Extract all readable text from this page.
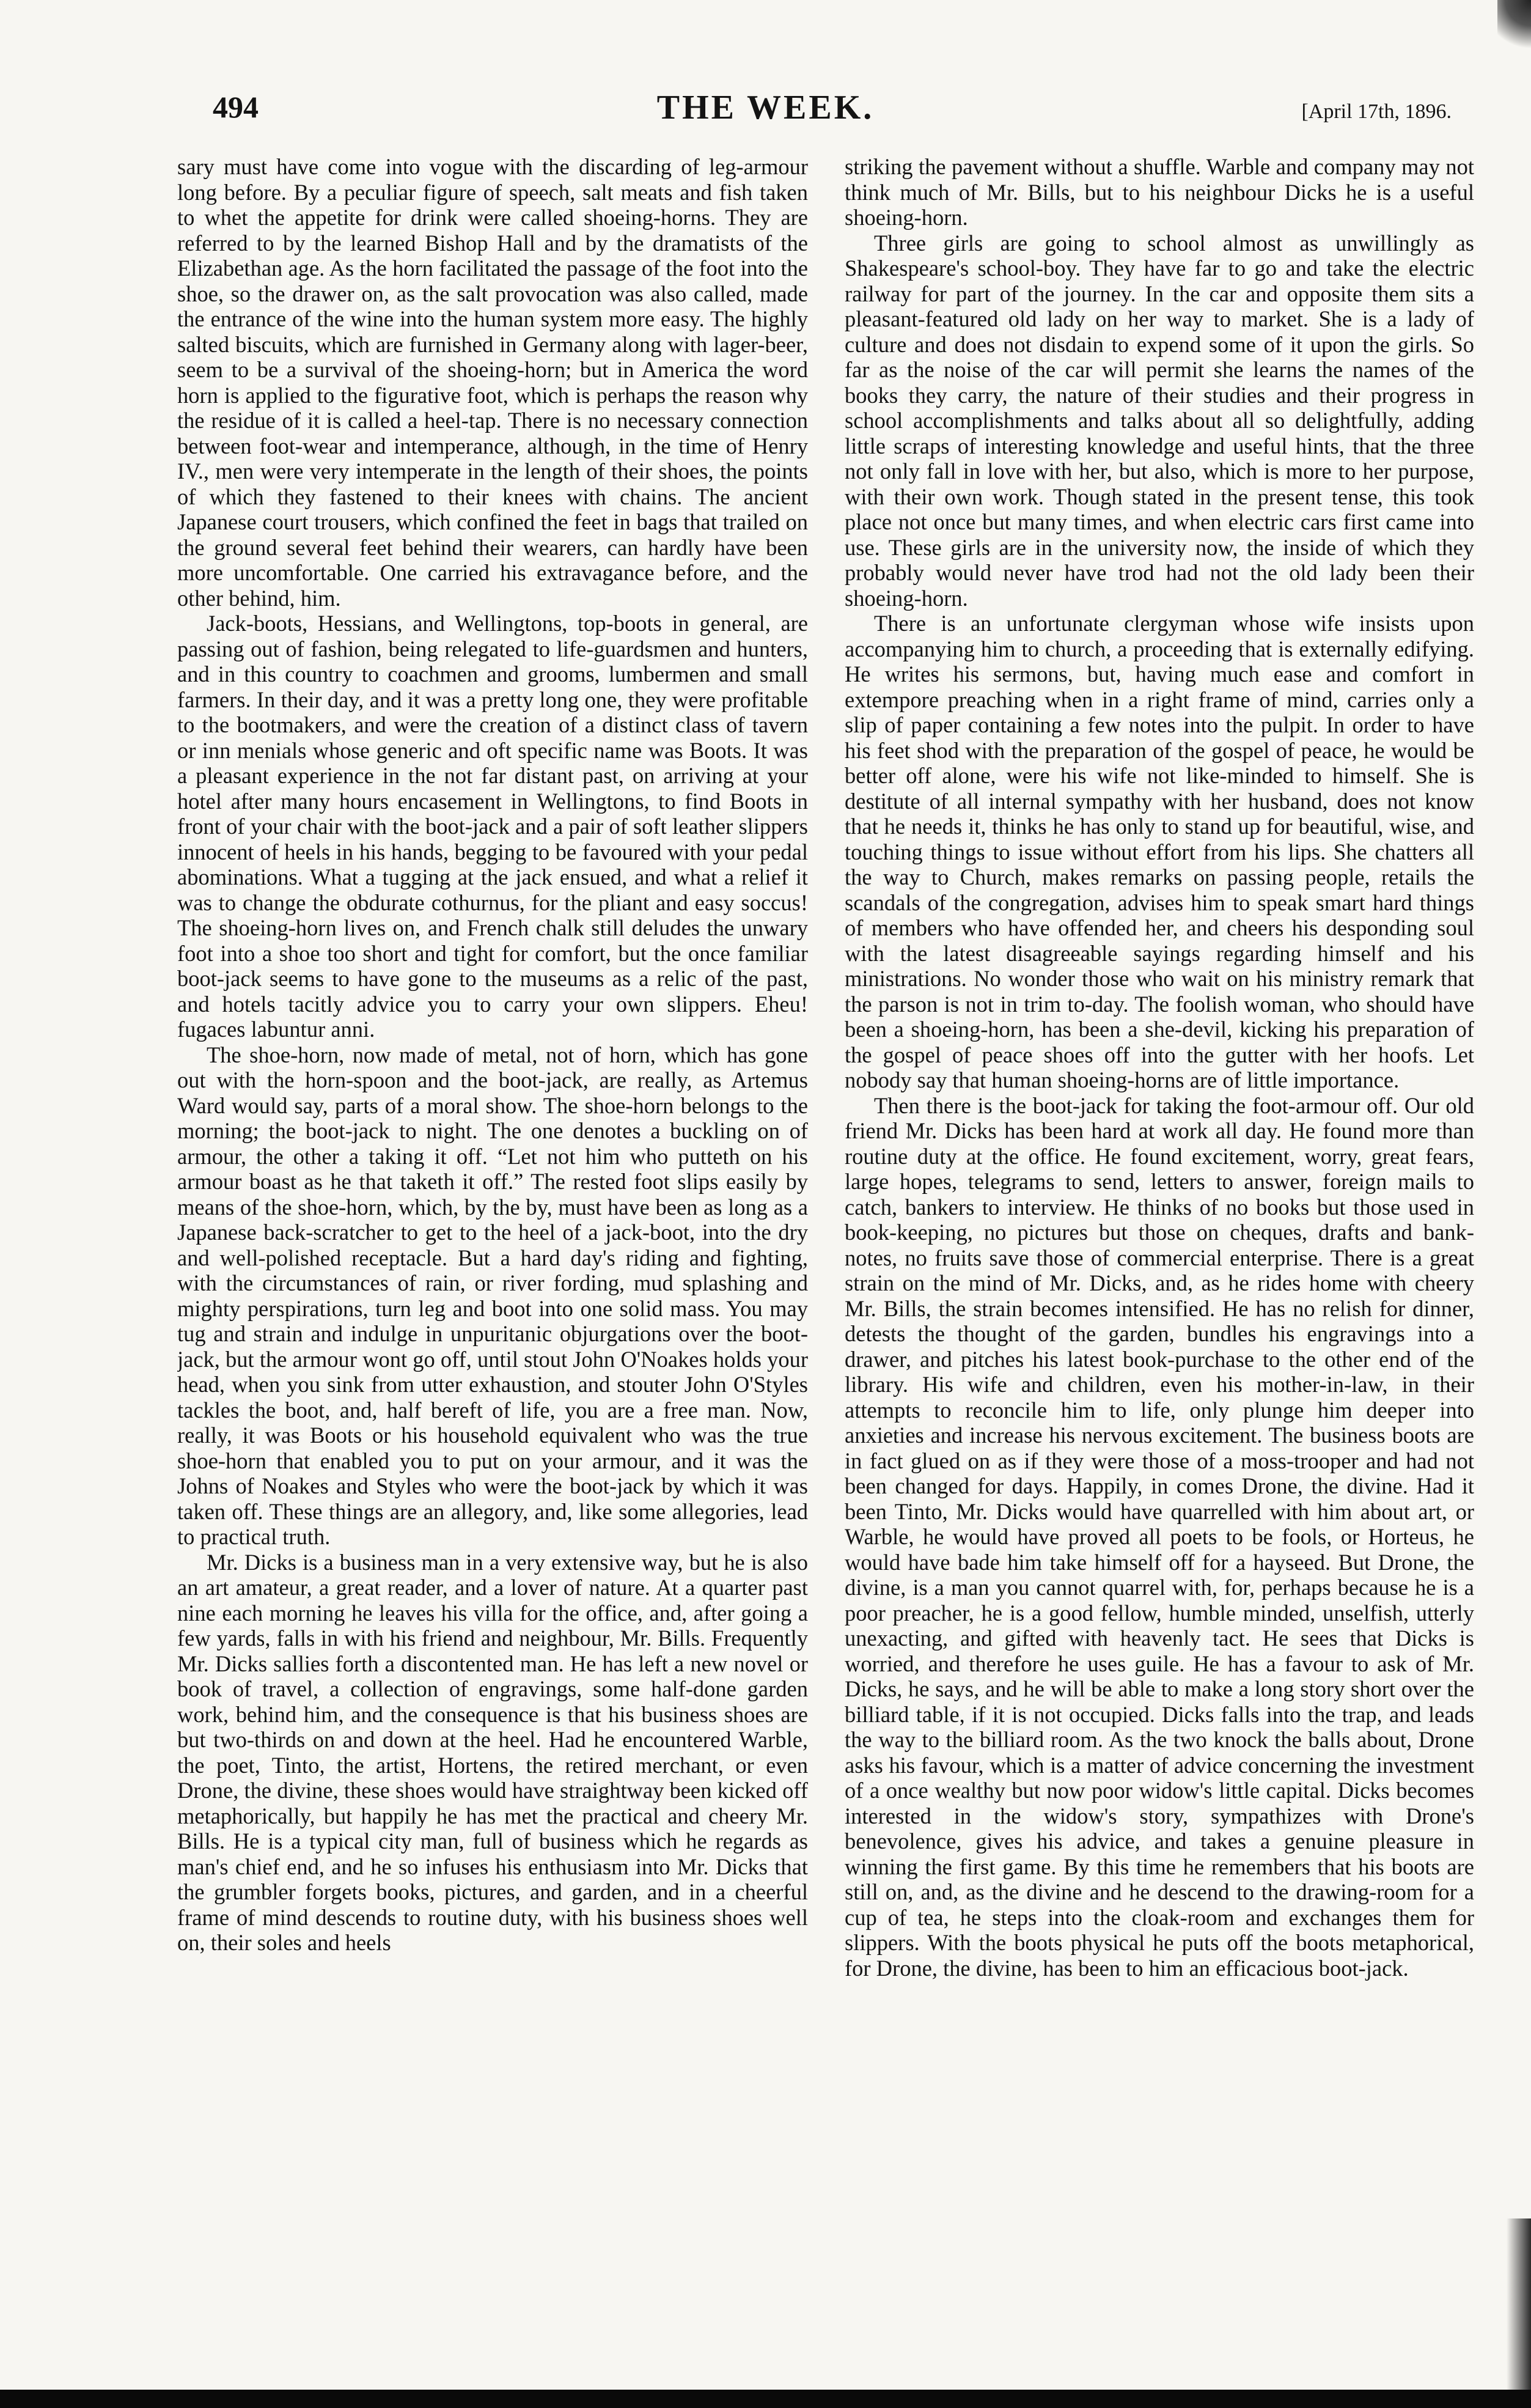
494	THE WEEK.	[April 17th, 1896.

sary must have come into vogue with the discarding of leg-armour long before. By a peculiar figure of speech, salt meats and fish taken to whet the appetite for drink were called shoeing-horns. They are referred to by the learned Bishop Hall and by the dramatists of the Elizabethan age. As the horn facilitated the passage of the foot into the shoe, so the drawer on, as the salt provocation was also called, made the entrance of the wine into the human system more easy. The highly salted biscuits, which are furnished in Germany along with lager-beer, seem to be a survival of the shoeing-horn; but in America the word horn is applied to the figurative foot, which is perhaps the reason why the residue of it is called a heel-tap. There is no necessary connection between foot-wear and intemperance, although, in the time of Henry IV., men were very intemperate in the length of their shoes, the points of which they fastened to their knees with chains. The ancient Japanese court trousers, which confined the feet in bags that trailed on the ground several feet behind their wearers, can hardly have been more uncomfortable. One carried his extravagance before, and the other behind, him.

Jack-boots, Hessians, and Wellingtons, top-boots in general, are passing out of fashion, being relegated to life-guardsmen and hunters, and in this country to coachmen and grooms, lumbermen and small farmers. In their day, and it was a pretty long one, they were profitable to the bootmakers, and were the creation of a distinct class of tavern or inn menials whose generic and oft specific name was Boots. It was a pleasant experience in the not far distant past, on arriving at your hotel after many hours encasement in Wellingtons, to find Boots in front of your chair with the boot-jack and a pair of soft leather slippers innocent of heels in his hands, begging to be favoured with your pedal abominations. What a tugging at the jack ensued, and what a relief it was to change the obdurate cothurnus, for the pliant and easy soccus! The shoeing-horn lives on, and French chalk still deludes the unwary foot into a shoe too short and tight for comfort, but the once familiar boot-jack seems to have gone to the museums as a relic of the past, and hotels tacitly advice you to carry your own slippers. Eheu! fugaces labuntur anni.

The shoe-horn, now made of metal, not of horn, which has gone out with the horn-spoon and the boot-jack, are really, as Artemus Ward would say, parts of a moral show. The shoe-horn belongs to the morning; the boot-jack to night. The one denotes a buckling on of armour, the other a taking it off. “Let not him who putteth on his armour boast as he that taketh it off.” The rested foot slips easily by means of the shoe-horn, which, by the by, must have been as long as a Japanese back-scratcher to get to the heel of a jack-boot, into the dry and well-polished receptacle. But a hard day's riding and fighting, with the circumstances of rain, or river fording, mud splashing and mighty perspirations, turn leg and boot into one solid mass. You may tug and strain and indulge in unpuritanic objurgations over the boot-jack, but the armour wont go off, until stout John O'Noakes holds your head, when you sink from utter exhaustion, and stouter John O'Styles tackles the boot, and, half bereft of life, you are a free man. Now, really, it was Boots or his household equivalent who was the true shoe-horn that enabled you to put on your armour, and it was the Johns of Noakes and Styles who were the boot-jack by which it was taken off. These things are an allegory, and, like some allegories, lead to practical truth.

Mr. Dicks is a business man in a very extensive way, but he is also an art amateur, a great reader, and a lover of nature. At a quarter past nine each morning he leaves his villa for the office, and, after going a few yards, falls in with his friend and neighbour, Mr. Bills. Frequently Mr. Dicks sallies forth a discontented man. He has left a new novel or book of travel, a collection of engravings, some half-done garden work, behind him, and the consequence is that his business shoes are but two-thirds on and down at the heel. Had he encountered Warble, the poet, Tinto, the artist, Hortens, the retired merchant, or even Drone, the divine, these shoes would have straightway been kicked off metaphorically, but happily he has met the practical and cheery Mr. Bills. He is a typical city man, full of business which he regards as man's chief end, and he so infuses his enthusiasm into Mr. Dicks that the grumbler forgets books, pictures, and garden, and in a cheerful frame of mind descends to routine duty, with his business shoes well on, their soles and heels

striking the pavement without a shuffle. Warble and company may not think much of Mr. Bills, but to his neighbour Dicks he is a useful shoeing-horn.

Three girls are going to school almost as unwillingly as Shakespeare's school-boy. They have far to go and take the electric railway for part of the journey. In the car and opposite them sits a pleasant-featured old lady on her way to market. She is a lady of culture and does not disdain to expend some of it upon the girls. So far as the noise of the car will permit she learns the names of the books they carry, the nature of their studies and their progress in school accomplishments and talks about all so delightfully, adding little scraps of interesting knowledge and useful hints, that the three not only fall in love with her, but also, which is more to her purpose, with their own work. Though stated in the present tense, this took place not once but many times, and when electric cars first came into use. These girls are in the university now, the inside of which they probably would never have trod had not the old lady been their shoeing-horn.

There is an unfortunate clergyman whose wife insists upon accompanying him to church, a proceeding that is externally edifying. He writes his sermons, but, having much ease and comfort in extempore preaching when in a right frame of mind, carries only a slip of paper containing a few notes into the pulpit. In order to have his feet shod with the preparation of the gospel of peace, he would be better off alone, were his wife not like-minded to himself. She is destitute of all internal sympathy with her husband, does not know that he needs it, thinks he has only to stand up for beautiful, wise, and touching things to issue without effort from his lips. She chatters all the way to Church, makes remarks on passing people, retails the scandals of the congregation, advises him to speak smart hard things of members who have offended her, and cheers his desponding soul with the latest disagreeable sayings regarding himself and his ministrations. No wonder those who wait on his ministry remark that the parson is not in trim to-day. The foolish woman, who should have been a shoeing-horn, has been a she-devil, kicking his preparation of the gospel of peace shoes off into the gutter with her hoofs. Let nobody say that human shoeing-horns are of little importance.

Then there is the boot-jack for taking the foot-armour off. Our old friend Mr. Dicks has been hard at work all day. He found more than routine duty at the office. He found excitement, worry, great fears, large hopes, telegrams to send, letters to answer, foreign mails to catch, bankers to interview. He thinks of no books but those used in book-keeping, no pictures but those on cheques, drafts and bank-notes, no fruits save those of commercial enterprise. There is a great strain on the mind of Mr. Dicks, and, as he rides home with cheery Mr. Bills, the strain becomes intensified. He has no relish for dinner, detests the thought of the garden, bundles his engravings into a drawer, and pitches his latest book-purchase to the other end of the library. His wife and children, even his mother-in-law, in their attempts to reconcile him to life, only plunge him deeper into anxieties and increase his nervous excitement. The business boots are in fact glued on as if they were those of a moss-trooper and had not been changed for days. Happily, in comes Drone, the divine. Had it been Tinto, Mr. Dicks would have quarrelled with him about art, or Warble, he would have proved all poets to be fools, or Horteus, he would have bade him take himself off for a hayseed. But Drone, the divine, is a man you cannot quarrel with, for, perhaps because he is a poor preacher, he is a good fellow, humble minded, unselfish, utterly unexacting, and gifted with heavenly tact. He sees that Dicks is worried, and therefore he uses guile. He has a favour to ask of Mr. Dicks, he says, and he will be able to make a long story short over the billiard table, if it is not occupied. Dicks falls into the trap, and leads the way to the billiard room. As the two knock the balls about, Drone asks his favour, which is a matter of advice concerning the investment of a once wealthy but now poor widow's little capital. Dicks becomes interested in the widow's story, sympathizes with Drone's benevolence, gives his advice, and takes a genuine pleasure in winning the first game. By this time he remembers that his boots are still on, and, as the divine and he descend to the drawing-room for a cup of tea, he steps into the cloak-room and exchanges them for slippers. With the boots physical he puts off the boots metaphorical, for Drone, the divine, has been to him an efficacious boot-jack.
